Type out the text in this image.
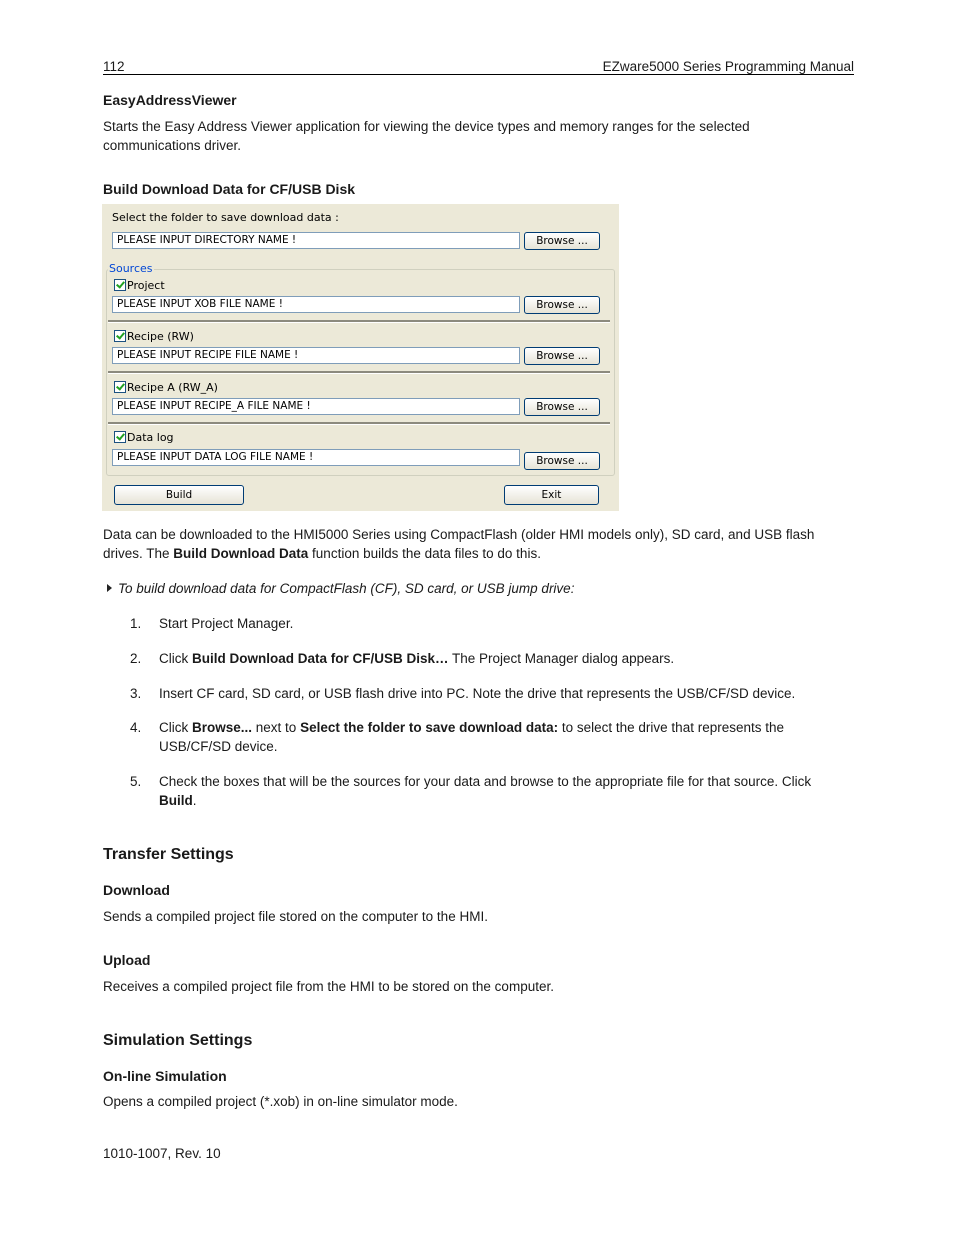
112	EZware5000 Series Programming Manual
EasyAddressViewer

Starts the Easy Address Viewer application for viewing the device types and memory ranges for the selected communications driver.

Build Download Data for CF/USB Disk
Select the folder to save download data :
PLEASE INPUT DIRECTORY NAME !	Browse ...
Sources
Project
PLEASE INPUT XOB FILE NAME !	Browse ...
Recipe (RW)
PLEASE INPUT RECIPE FILE NAME !	Browse ...
Recipe A (RW_A)
PLEASE INPUT RECIPE_A FILE NAME !	Browse ...
Data log
PLEASE INPUT DATA LOG FILE NAME !	Browse ...
Build	Exit

Data can be downloaded to the HMI5000 Series using CompactFlash (older HMI models only), SD card, and USB flash drives. The Build Download Data function builds the data files to do this.

To build download data for CompactFlash (CF), SD card, or USB jump drive:

1. Start Project Manager.

2. Click Build Download Data for CF/USB Disk… The Project Manager dialog appears.

3. Insert CF card, SD card, or USB flash drive into PC. Note the drive that represents the USB/CF/SD device.

4. Click Browse... next to Select the folder to save download data: to select the drive that represents the USB/CF/SD device.

5. Check the boxes that will be the sources for your data and browse to the appropriate file for that source. Click Build.

Transfer Settings
Download

Sends a compiled project file stored on the computer to the HMI.

Upload

Receives a compiled project file from the HMI to be stored on the computer.

Simulation Settings
On-line Simulation

Opens a compiled project (*.xob) in on-line simulator mode.

1010-1007, Rev. 10
